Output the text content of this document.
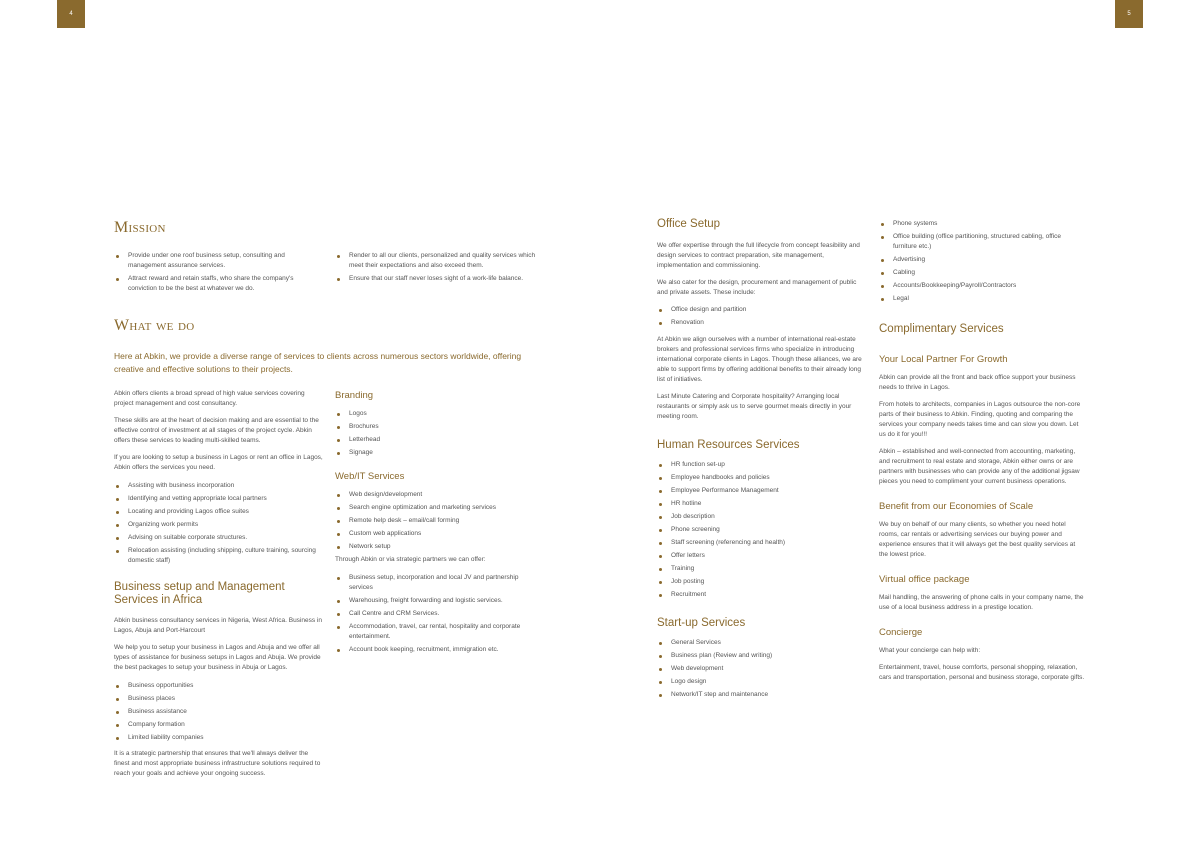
4	5
Mission
Provide under one roof business setup, consulting and management assurance services.
Attract reward and retain staffs, who share the company's conviction to be the best at whatever we do.
Render to all our clients, personalized and quality services which meet their expectations and also exceed them.
Ensure that our staff never loses sight of a work-life balance.
What we do

Here at Abkin, we provide a diverse range of services to clients across numerous sectors worldwide, offering creative and effective solutions to their projects.

Abkin offers clients a broad spread of high value services covering project management and cost consultancy.

These skills are at the heart of decision making and are essential to the effective control of investment at all stages of the project cycle. Abkin offers these services to leading multi-skilled teams.

If you are looking to setup a business in Lagos or rent an office in Lagos, Abkin offers the services you need.

Assisting with business incorporation
Identifying and vetting appropriate local partners
Locating and providing Lagos office suites
Organizing work permits
Advising on suitable corporate structures.
Relocation assisting (including shipping, culture training, sourcing domestic staff)
Business setup and Management Services in Africa

Abkin business consultancy services in Nigeria, West Africa. Business in Lagos, Abuja and Port-Harcourt

We help you to setup your business in Lagos and Abuja and we offer all types of assistance for business setups in Lagos and Abuja. We provide the best packages to setup your business in Abuja or Lagos.

Business opportunities
Business places
Business assistance
Company formation
Limited liability companies

It is a strategic partnership that ensures that we'll always deliver the finest and most appropriate business infrastructure solutions required to reach your goals and achieve your ongoing success.

Branding
Logos
Brochures
Letterhead
Signage
Web/IT Services
Web design/development
Search engine optimization and marketing services
Remote help desk – email/call forming
Custom web applications
Network setup

Through Abkin or via strategic partners we can offer:

Business setup, incorporation and local JV and partnership services
Warehousing, freight forwarding and logistic services.
Call Centre and CRM Services.
Accommodation, travel, car rental, hospitality and corporate entertainment.
Account book keeping, recruitment, immigration etc.
Office Setup

We offer expertise through the full lifecycle from concept feasibility and design services to contract preparation, site management, implementation and commissioning.

We also cater for the design, procurement and management of public and private assets. These include:

Office design and partition
Renovation

At Abkin we align ourselves with a number of international real-estate brokers and professional services firms who specialize in introducing international corporate clients in Lagos. Though these alliances, we are able to support firms by offering additional benefits to their already long list of initiatives.

Last Minute Catering and Corporate hospitality? Arranging local restaurants or simply ask us to serve gourmet meals directly in your meeting room.

Human Resources Services
HR function set-up
Employee handbooks and policies
Employee Performance Management
HR hotline
Job description
Phone screening
Staff screening (referencing and health)
Offer letters
Training
Job posting
Recruitment
Start-up Services
General Services
Business plan (Review and writing)
Web development
Logo design
Network/IT step and maintenance
Phone systems
Office building (office partitioning, structured cabling, office furniture etc.)
Advertising
Cabling
Accounts/Bookkeeping/Payroll/Contractors
Legal
Complimentary Services
Your Local Partner For Growth

Abkin can provide all the front and back office support your business needs to thrive in Lagos.

From hotels to architects, companies in Lagos outsource the non-core parts of their business to Abkin. Finding, quoting and comparing the services your company needs takes time and can slow you down. Let us do it for you!!!

Abkin – established and well-connected from accounting, marketing, and recruitment to real estate and storage, Abkin either owns or are partners with businesses who can provide any of the additional jigsaw pieces you need to compliment your current business operations.

Benefit from our Economies of Scale

We buy on behalf of our many clients, so whether you need hotel rooms, car rentals or advertising services our buying power and experience ensures that it will always get the best quality services at the lowest price.

Virtual office package

Mail handling, the answering of phone calls in your company name, the use of a local business address in a prestige location.

Concierge

What your concierge can help with:

Entertainment, travel, house comforts, personal shopping, relaxation, cars and transportation, personal and business storage, corporate gifts.
